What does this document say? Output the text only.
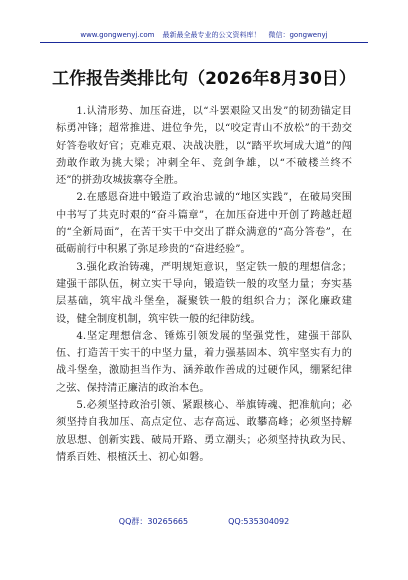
www.gongwenyj.com 最新最全最专业的公文资料库！ 微信：gongwenyj
工作报告类排比句（2026年8月30日）

1.认清形势、加压奋进，以“斗罢艰险又出发”的韧劲锚定目标勇冲锋；超常推进、进位争先，以“咬定青山不放松”的干劲交好答卷收好官；克难克艰、决战决胜，以“踏平坎坷成大道”的闯劲敢作敢为挑大梁；冲刺全年、竞剑争雄，以“不破楼兰终不还”的拼劲攻城拔寨夺全胜。

2.在感恩奋进中锻造了政治忠诚的“地区实践”，在破局突围中书写了共克时艰的“奋斗篇章”，在加压奋进中开创了跨越赶超的“全新局面”，在苦干实干中交出了群众满意的“高分答卷”，在砥砺前行中积累了弥足珍贵的“奋进经验”。

3.强化政治铸魂，严明规矩意识，坚定铁一般的理想信念；建强干部队伍，树立实干导向，锻造铁一般的攻坚力量；夯实基层基础，筑牢战斗堡垒，凝聚铁一般的组织合力；深化廉政建设，健全制度机制，筑牢铁一般的纪律防线。

4.坚定理想信念、锤炼引领发展的坚强党性，建强干部队伍、打造苦干实干的中坚力量，着力强基固本、筑牢坚实有力的战斗堡垒，激励担当作为、涵养敢作善成的过硬作风，绷紧纪律之弦、保持清正廉洁的政治本色。

5.必须坚持政治引领、紧跟核心、举旗铸魂、把准航向；必须坚持自我加压、高点定位、志存高远、敢攀高峰；必须坚持解放思想、创新实践、破局开路、勇立潮头；必须坚持执政为民、情系百姓、根植沃土、初心如磐。

QQ群：30265665	QQ:535304092
